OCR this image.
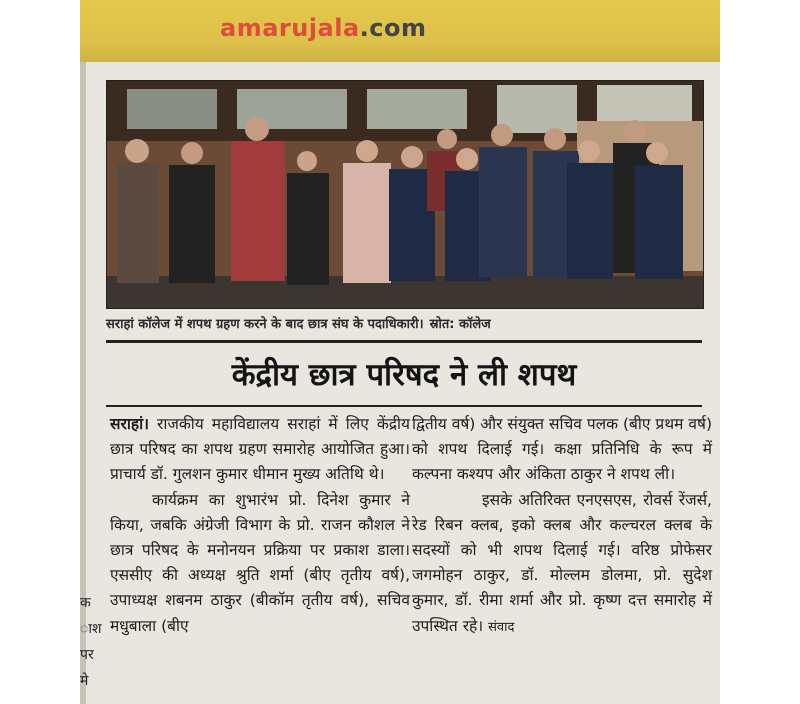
क
ाश
पर
मे
amarujala.com
सराहां कॉलेज में शपथ ग्रहण करने के बाद छात्र संघ के पदाधिकारी। स्रोत: कॉलेज
केंद्रीय छात्र परिषद ने ली शपथ

सराहां। राजकीय महाविद्यालय सराहां में लिए केंद्रीय छात्र परिषद का शपथ ग्रहण समारोह आयोजित हुआ। प्राचार्य डॉ. गुलशन कुमार धीमान मुख्य अतिथि थे।

कार्यक्रम का शुभारंभ प्रो. दिनेश कुमार ने किया, जबकि अंग्रेजी विभाग के प्रो. राजन कौशल ने छात्र परिषद के मनोनयन प्रक्रिया पर प्रकाश डाला। एससीए की अध्यक्ष श्रुति शर्मा (बीए तृतीय वर्ष), उपाध्यक्ष शबनम ठाकुर (बीकॉम तृतीय वर्ष), सचिव मधुबाला (बीए

द्वितीय वर्ष) और संयुक्त सचिव पलक (बीए प्रथम वर्ष) को शपथ दिलाई गई। कक्षा प्रतिनिधि के रूप में कल्पना कश्यप और अंकिता ठाकुर ने शपथ ली।

इसके अतिरिक्त एनएसएस, रोवर्स रेंजर्स, रेड रिबन क्लब, इको क्लब और कल्चरल क्लब के सदस्यों को भी शपथ दिलाई गई। वरिष्ठ प्रोफेसर जगमोहन ठाकुर, डॉ. मोल्लम डोलमा, प्रो. सुदेश कुमार, डॉ. रीमा शर्मा और प्रो. कृष्ण दत्त समारोह में उपस्थित रहे। संवाद
